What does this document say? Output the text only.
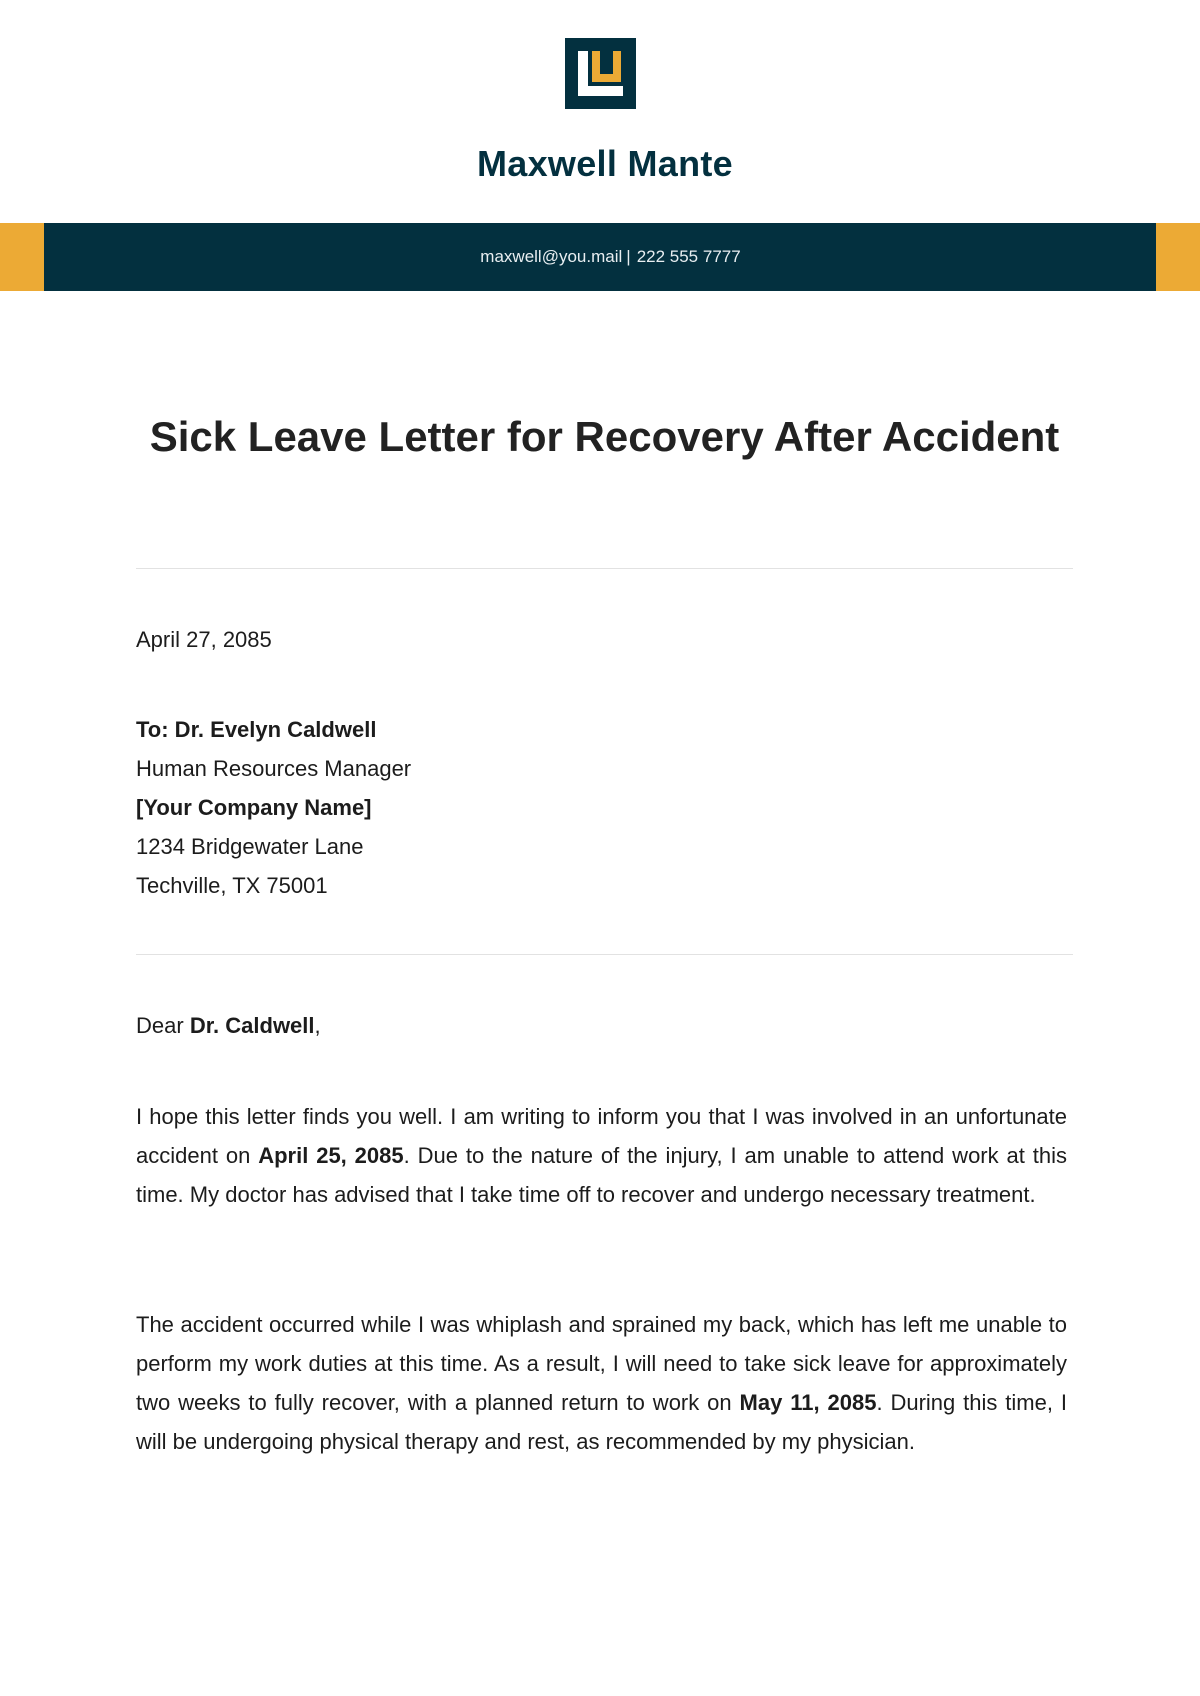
Maxwell Mante
maxwell@you.mail | 222 555 7777
Sick Leave Letter for Recovery After Accident
April 27, 2085
To: Dr. Evelyn Caldwell
Human Resources Manager
[Your Company Name]
1234 Bridgewater Lane
Techville, TX 75001
Dear Dr. Caldwell,
I hope this letter finds you well. I am writing to inform you that I was involved in an unfortunate accident on April 25, 2085. Due to the nature of the injury, I am unable to attend work at this time. My doctor has advised that I take time off to recover and undergo necessary treatment.
The accident occurred while I was whiplash and sprained my back, which has left me unable to perform my work duties at this time. As a result, I will need to take sick leave for approximately two weeks to fully recover, with a planned return to work on May 11, 2085. During this time, I will be undergoing physical therapy and rest, as recommended by my physician.
